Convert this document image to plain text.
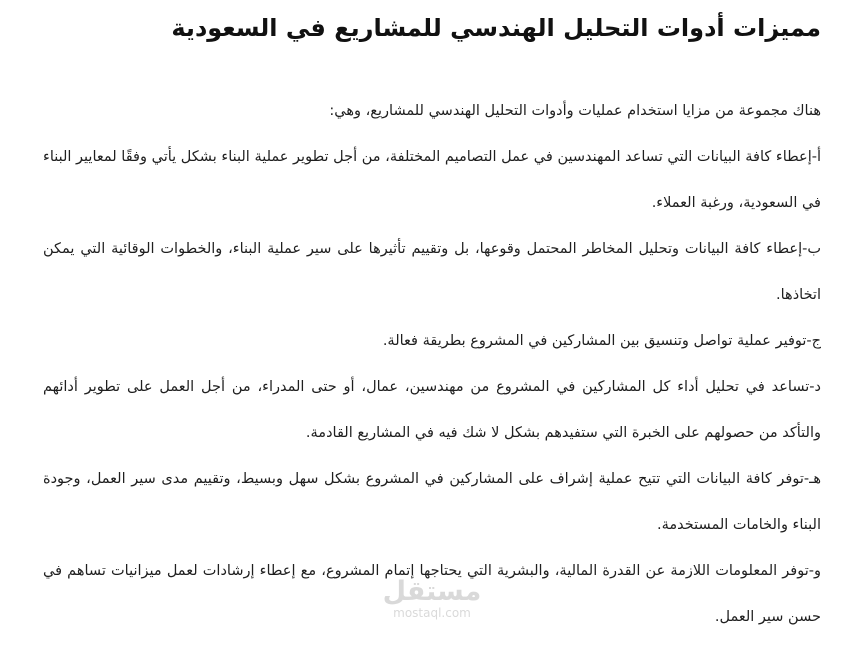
مميزات أدوات التحليل الهندسي للمشاريع في السعودية

هناك مجموعة من مزايا استخدام عمليات وأدوات التحليل الهندسي للمشاريع، وهي:

أ-إعطاء كافة البيانات التي تساعد المهندسين في عمل التصاميم المختلفة، من أجل تطوير عملية البناء بشكل يأتي وفقًا لمعايير البناء في السعودية، ورغبة العملاء.

ب-إعطاء كافة البيانات وتحليل المخاطر المحتمل وقوعها، بل وتقييم تأثيرها على سير عملية البناء، والخطوات الوقائية التي يمكن اتخاذها.

ج-توفير عملية تواصل وتنسيق بين المشاركين في المشروع بطريقة فعالة.

د-تساعد في تحليل أداء كل المشاركين في المشروع من مهندسين، عمال، أو حتى المدراء، من أجل العمل على تطوير أدائهم والتأكد من حصولهم على الخبرة التي ستفيدهم بشكل لا شك فيه في المشاريع القادمة.

هـ-توفر كافة البيانات التي تتيح عملية إشراف على المشاركين في المشروع بشكل سهل وبسيط، وتقييم مدى سير العمل، وجودة البناء والخامات المستخدمة.

و-توفر المعلومات اللازمة عن القدرة المالية، والبشرية التي يحتاجها إتمام المشروع، مع إعطاء إرشادات لعمل ميزانيات تساهم في حسن سير العمل.

مستقل
mostaql.com
